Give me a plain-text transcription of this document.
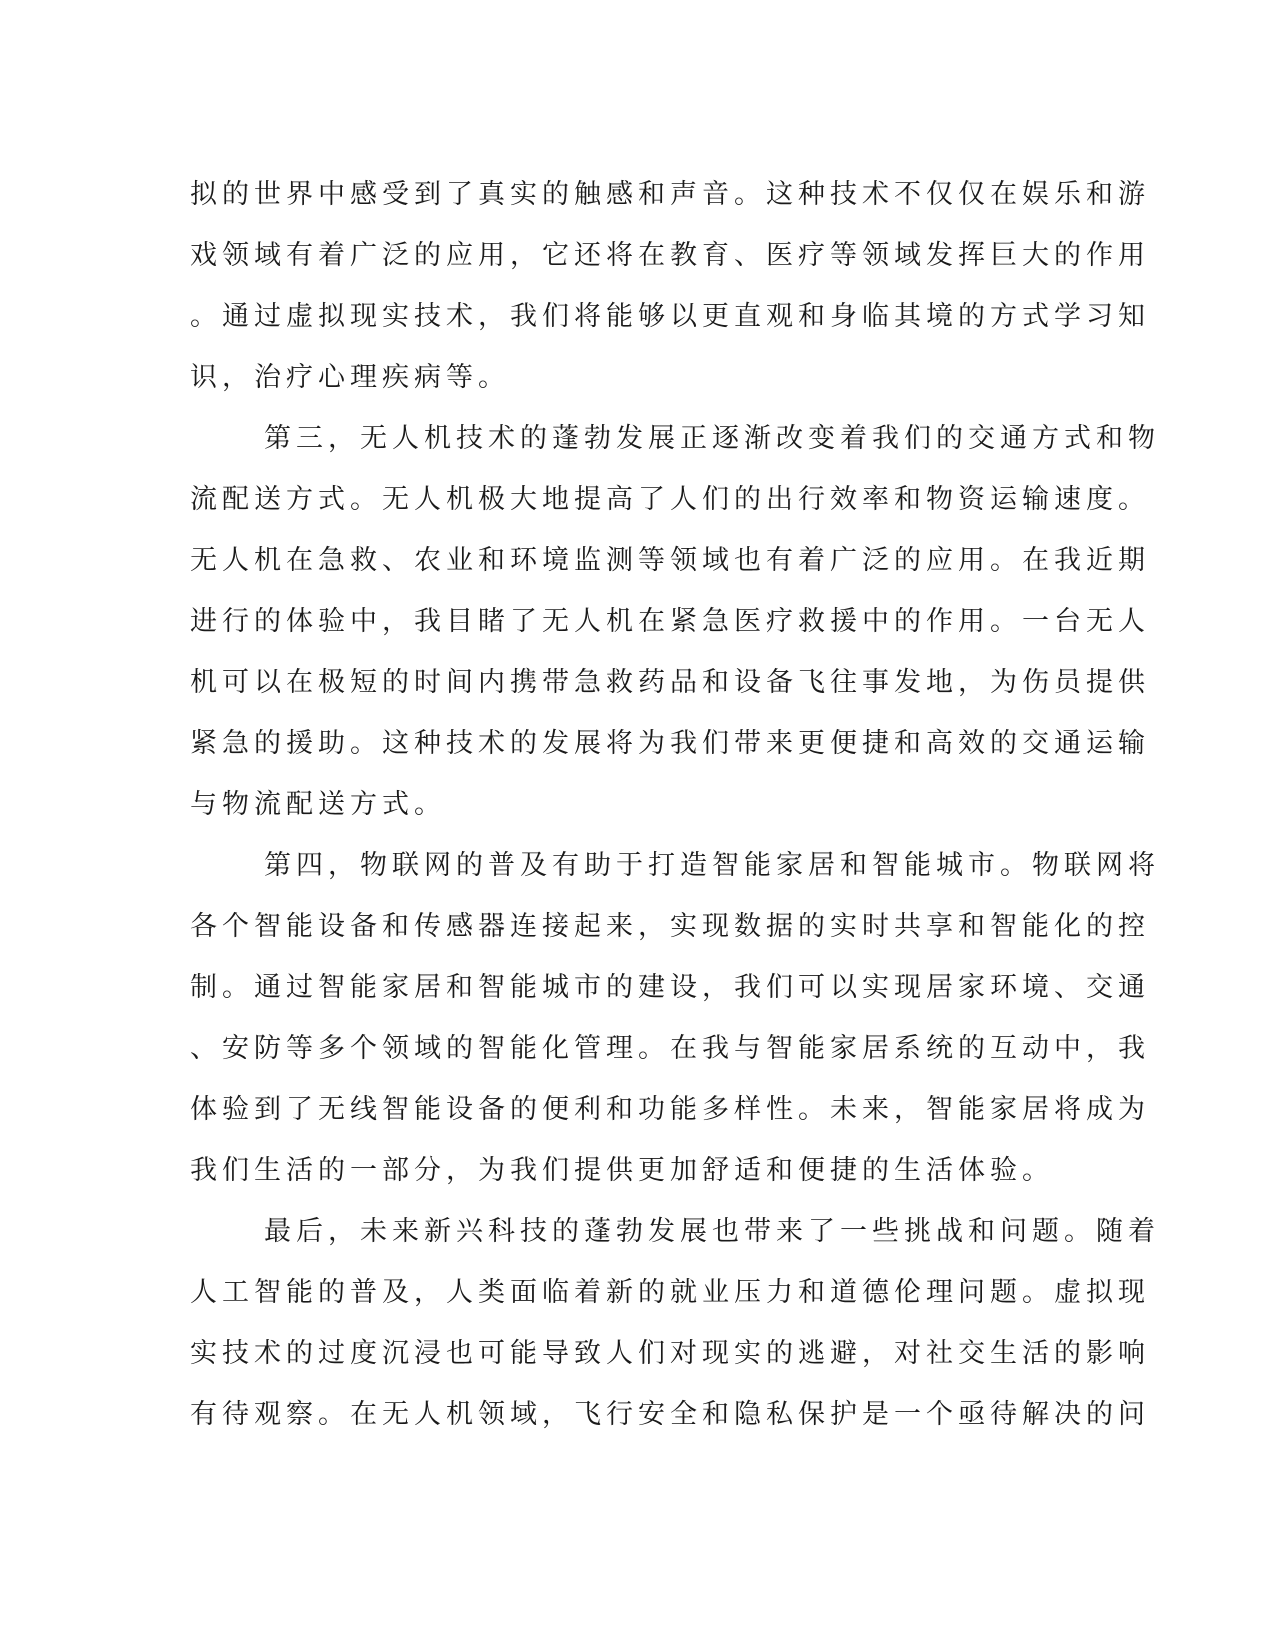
拟的世界中感受到了真实的触感和声音。这种技术不仅仅在娱乐和游
戏领域有着广泛的应用，它还将在教育、医疗等领域发挥巨大的作用
。通过虚拟现实技术，我们将能够以更直观和身临其境的方式学习知
识，治疗心理疾病等。
第三，无人机技术的蓬勃发展正逐渐改变着我们的交通方式和物
流配送方式。无人机极大地提高了人们的出行效率和物资运输速度。
无人机在急救、农业和环境监测等领域也有着广泛的应用。在我近期
进行的体验中，我目睹了无人机在紧急医疗救援中的作用。一台无人
机可以在极短的时间内携带急救药品和设备飞往事发地，为伤员提供
紧急的援助。这种技术的发展将为我们带来更便捷和高效的交通运输
与物流配送方式。
第四，物联网的普及有助于打造智能家居和智能城市。物联网将
各个智能设备和传感器连接起来，实现数据的实时共享和智能化的控
制。通过智能家居和智能城市的建设，我们可以实现居家环境、交通
、安防等多个领域的智能化管理。在我与智能家居系统的互动中，我
体验到了无线智能设备的便利和功能多样性。未来，智能家居将成为
我们生活的一部分，为我们提供更加舒适和便捷的生活体验。
最后，未来新兴科技的蓬勃发展也带来了一些挑战和问题。随着
人工智能的普及，人类面临着新的就业压力和道德伦理问题。虚拟现
实技术的过度沉浸也可能导致人们对现实的逃避，对社交生活的影响
有待观察。在无人机领域，飞行安全和隐私保护是一个亟待解决的问
